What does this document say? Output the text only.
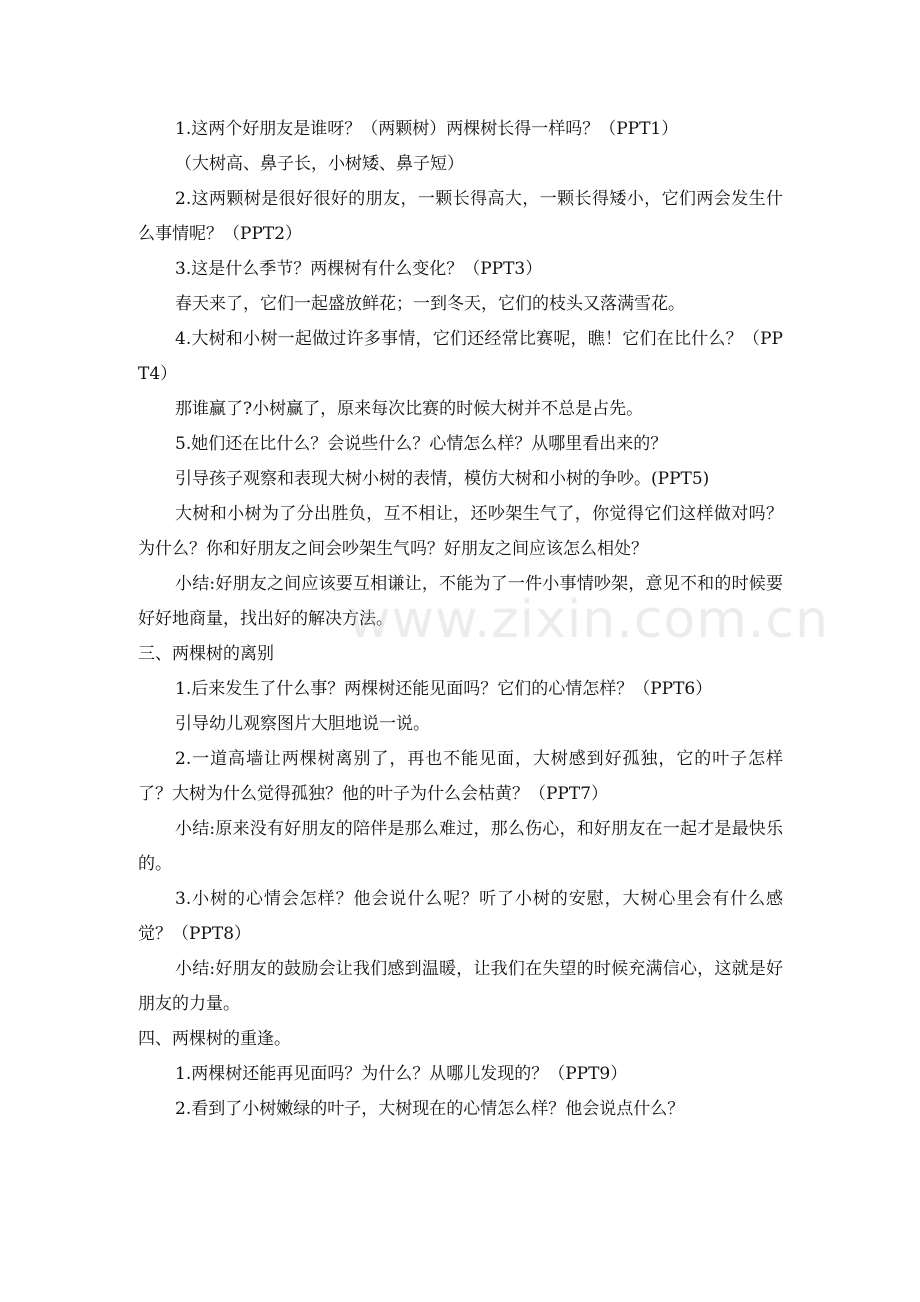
1.这两个好朋友是谁呀？（两颗树）两棵树长得一样吗？（PPT1）

（大树高、鼻子长，小树矮、鼻子短）

2.这两颗树是很好很好的朋友，一颗长得高大，一颗长得矮小，它们两会发生什么事情呢？（PPT2）

3.这是什么季节？两棵树有什么变化？（PPT3）

春天来了，它们一起盛放鲜花；一到冬天，它们的枝头又落满雪花。

4.大树和小树一起做过许多事情，它们还经常比赛呢，瞧！它们在比什么？（PPT4）

那谁赢了?小树赢了，原来每次比赛的时候大树并不总是占先。

5.她们还在比什么？会说些什么？心情怎么样？从哪里看出来的？

引导孩子观察和表现大树小树的表情，模仿大树和小树的争吵。(PPT5)

大树和小树为了分出胜负，互不相让，还吵架生气了，你觉得它们这样做对吗？为什么？你和好朋友之间会吵架生气吗？好朋友之间应该怎么相处？

小结:好朋友之间应该要互相谦让，不能为了一件小事情吵架，意见不和的时候要好好地商量，找出好的解决方法。

三、两棵树的离别

1.后来发生了什么事？两棵树还能见面吗？它们的心情怎样？（PPT6）

引导幼儿观察图片大胆地说一说。

2.一道高墙让两棵树离别了，再也不能见面，大树感到好孤独，它的叶子怎样了？大树为什么觉得孤独？他的叶子为什么会枯黄？（PPT7）

小结:原来没有好朋友的陪伴是那么难过，那么伤心，和好朋友在一起才是最快乐的。

3.小树的心情会怎样？他会说什么呢？听了小树的安慰，大树心里会有什么感觉？（PPT8）

小结:好朋友的鼓励会让我们感到温暖，让我们在失望的时候充满信心，这就是好朋友的力量。

四、两棵树的重逢。

1.两棵树还能再见面吗？为什么？从哪儿发现的？（PPT9）

2.看到了小树嫩绿的叶子，大树现在的心情怎么样？他会说点什么？

www.zixin.com.cn
